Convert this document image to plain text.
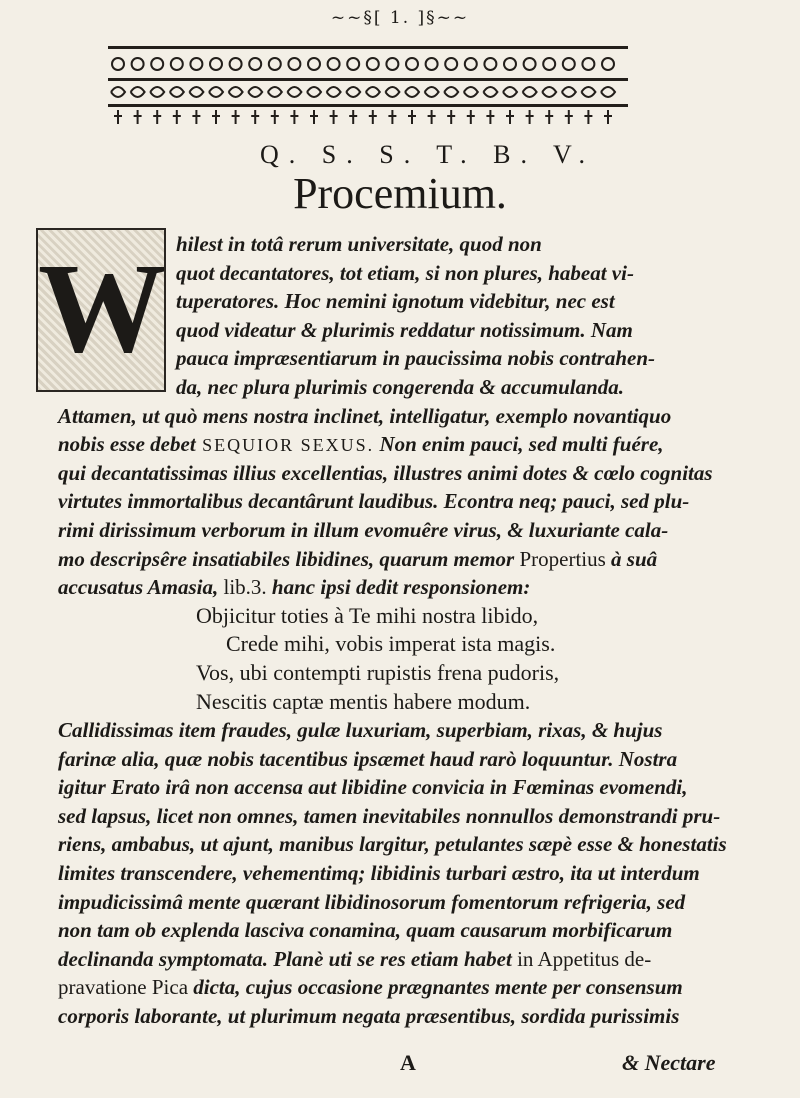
~~§[ 1. ]§~~
Q. S. S. T. B. V.
Procemium.
W hilest in totâ rerum universitate, quod non
quot decantatores, tot etiam, si non plures, habeat vi-
tuperatores. Hoc nemini ignotum videbitur, nec est
quod videatur & plurimis reddatur notissimum. Nam
pauca impræsentiarum in paucissima nobis contrahen-
da, nec plura plurimis congerenda & accumulanda.
Attamen, ut quò mens nostra inclinet, intelligatur, exemplo novantiquo
nobis esse debet SEQUIOR SEXUS. Non enim pauci, sed multi fuére,
qui decantatissimas illius excellentias, illustres animi dotes & cœlo cognitas
virtutes immortalibus decantârunt laudibus. Econtra neq; pauci, sed plu-
rimi dirissimum verborum in illum evomuêre virus, & luxuriante cala-
mo descripsêre insatiabiles libidines, quarum memor Propertius à suâ
accusatus Amasia, lib.3. hanc ipsi dedit responsionem:
Objicitur toties à Te mihi nostra libido,
Crede mihi, vobis imperat ista magis.
Vos, ubi contempti rupistis frena pudoris,
Nescitis captæ mentis habere modum.
Callidissimas item fraudes, gulæ luxuriam, superbiam, rixas, & hujus
farinæ alia, quæ nobis tacentibus ipsæmet haud rarò loquuntur. Nostra
igitur Erato irâ non accensa aut libidine convicia in Fœminas evomendi,
sed lapsus, licet non omnes, tamen inevitabiles nonnullos demonstrandi pru-
riens, ambabus, ut ajunt, manibus largitur, petulantes sæpè esse & honestatis
limites transcendere, vehementimq; libidinis turbari æstro, ita ut interdum
impudicissimâ mente quærant libidinosorum fomentorum refrigeria, sed
non tam ob explenda lasciva conamina, quam causarum morbificarum
declinanda symptomata. Planè uti se res etiam habet in Appetitus de-
pravatione Pica dicta, cujus occasione prægnantes mente per consensum
corporis laborante, ut plurimum negata præsentibus, sordida purissimis
A	& Nectare
